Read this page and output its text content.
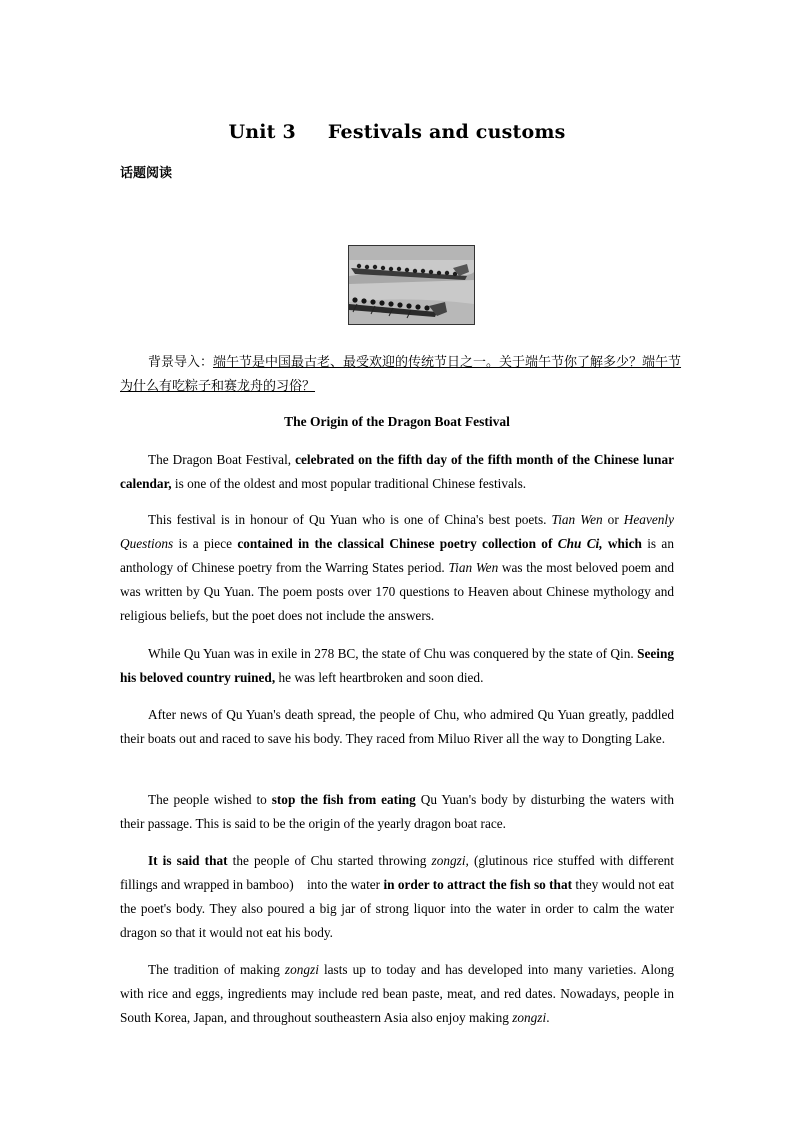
Unit 3 Festivals and customs
话题阅读
背景导入：端午节是中国最古老、最受欢迎的传统节日之一。关于端午节你了解多少？端午节为什么有吃粽子和赛龙舟的习俗？
The Origin of the Dragon Boat Festival
The Dragon Boat Festival, celebrated on the fifth day of the fifth month of the Chinese lunar calendar, is one of the oldest and most popular traditional Chinese festivals.
This festival is in honour of Qu Yuan who is one of China's best poets. Tian Wen or Heavenly Questions is a piece contained in the classical Chinese poetry collection of Chu Ci, which is an anthology of Chinese poetry from the Warring States period. Tian Wen was the most beloved poem and was written by Qu Yuan. The poem posts over 170 questions to Heaven about Chinese mythology and religious beliefs, but the poet does not include the answers.
While Qu Yuan was in exile in 278 BC, the state of Chu was conquered by the state of Qin. Seeing his beloved country ruined, he was left heartbroken and soon died.
After news of Qu Yuan's death spread, the people of Chu, who admired Qu Yuan greatly, paddled their boats out and raced to save his body. They raced from Miluo River all the way to Dongting Lake.
The people wished to stop the fish from eating Qu Yuan's body by disturbing the waters with their passage. This is said to be the origin of the yearly dragon boat race.
It is said that the people of Chu started throwing zongzi, (glutinous rice stuffed with different fillings and wrapped in bamboo)    into the water in order to attract the fish so that they would not eat the poet's body. They also poured a big jar of strong liquor into the water in order to calm the water dragon so that it would not eat his body.
The tradition of making zongzi lasts up to today and has developed into many varieties. Along with rice and eggs, ingredients may include red bean paste, meat, and red dates. Nowadays, people in South Korea, Japan, and throughout southeastern Asia also enjoy making zongzi.
